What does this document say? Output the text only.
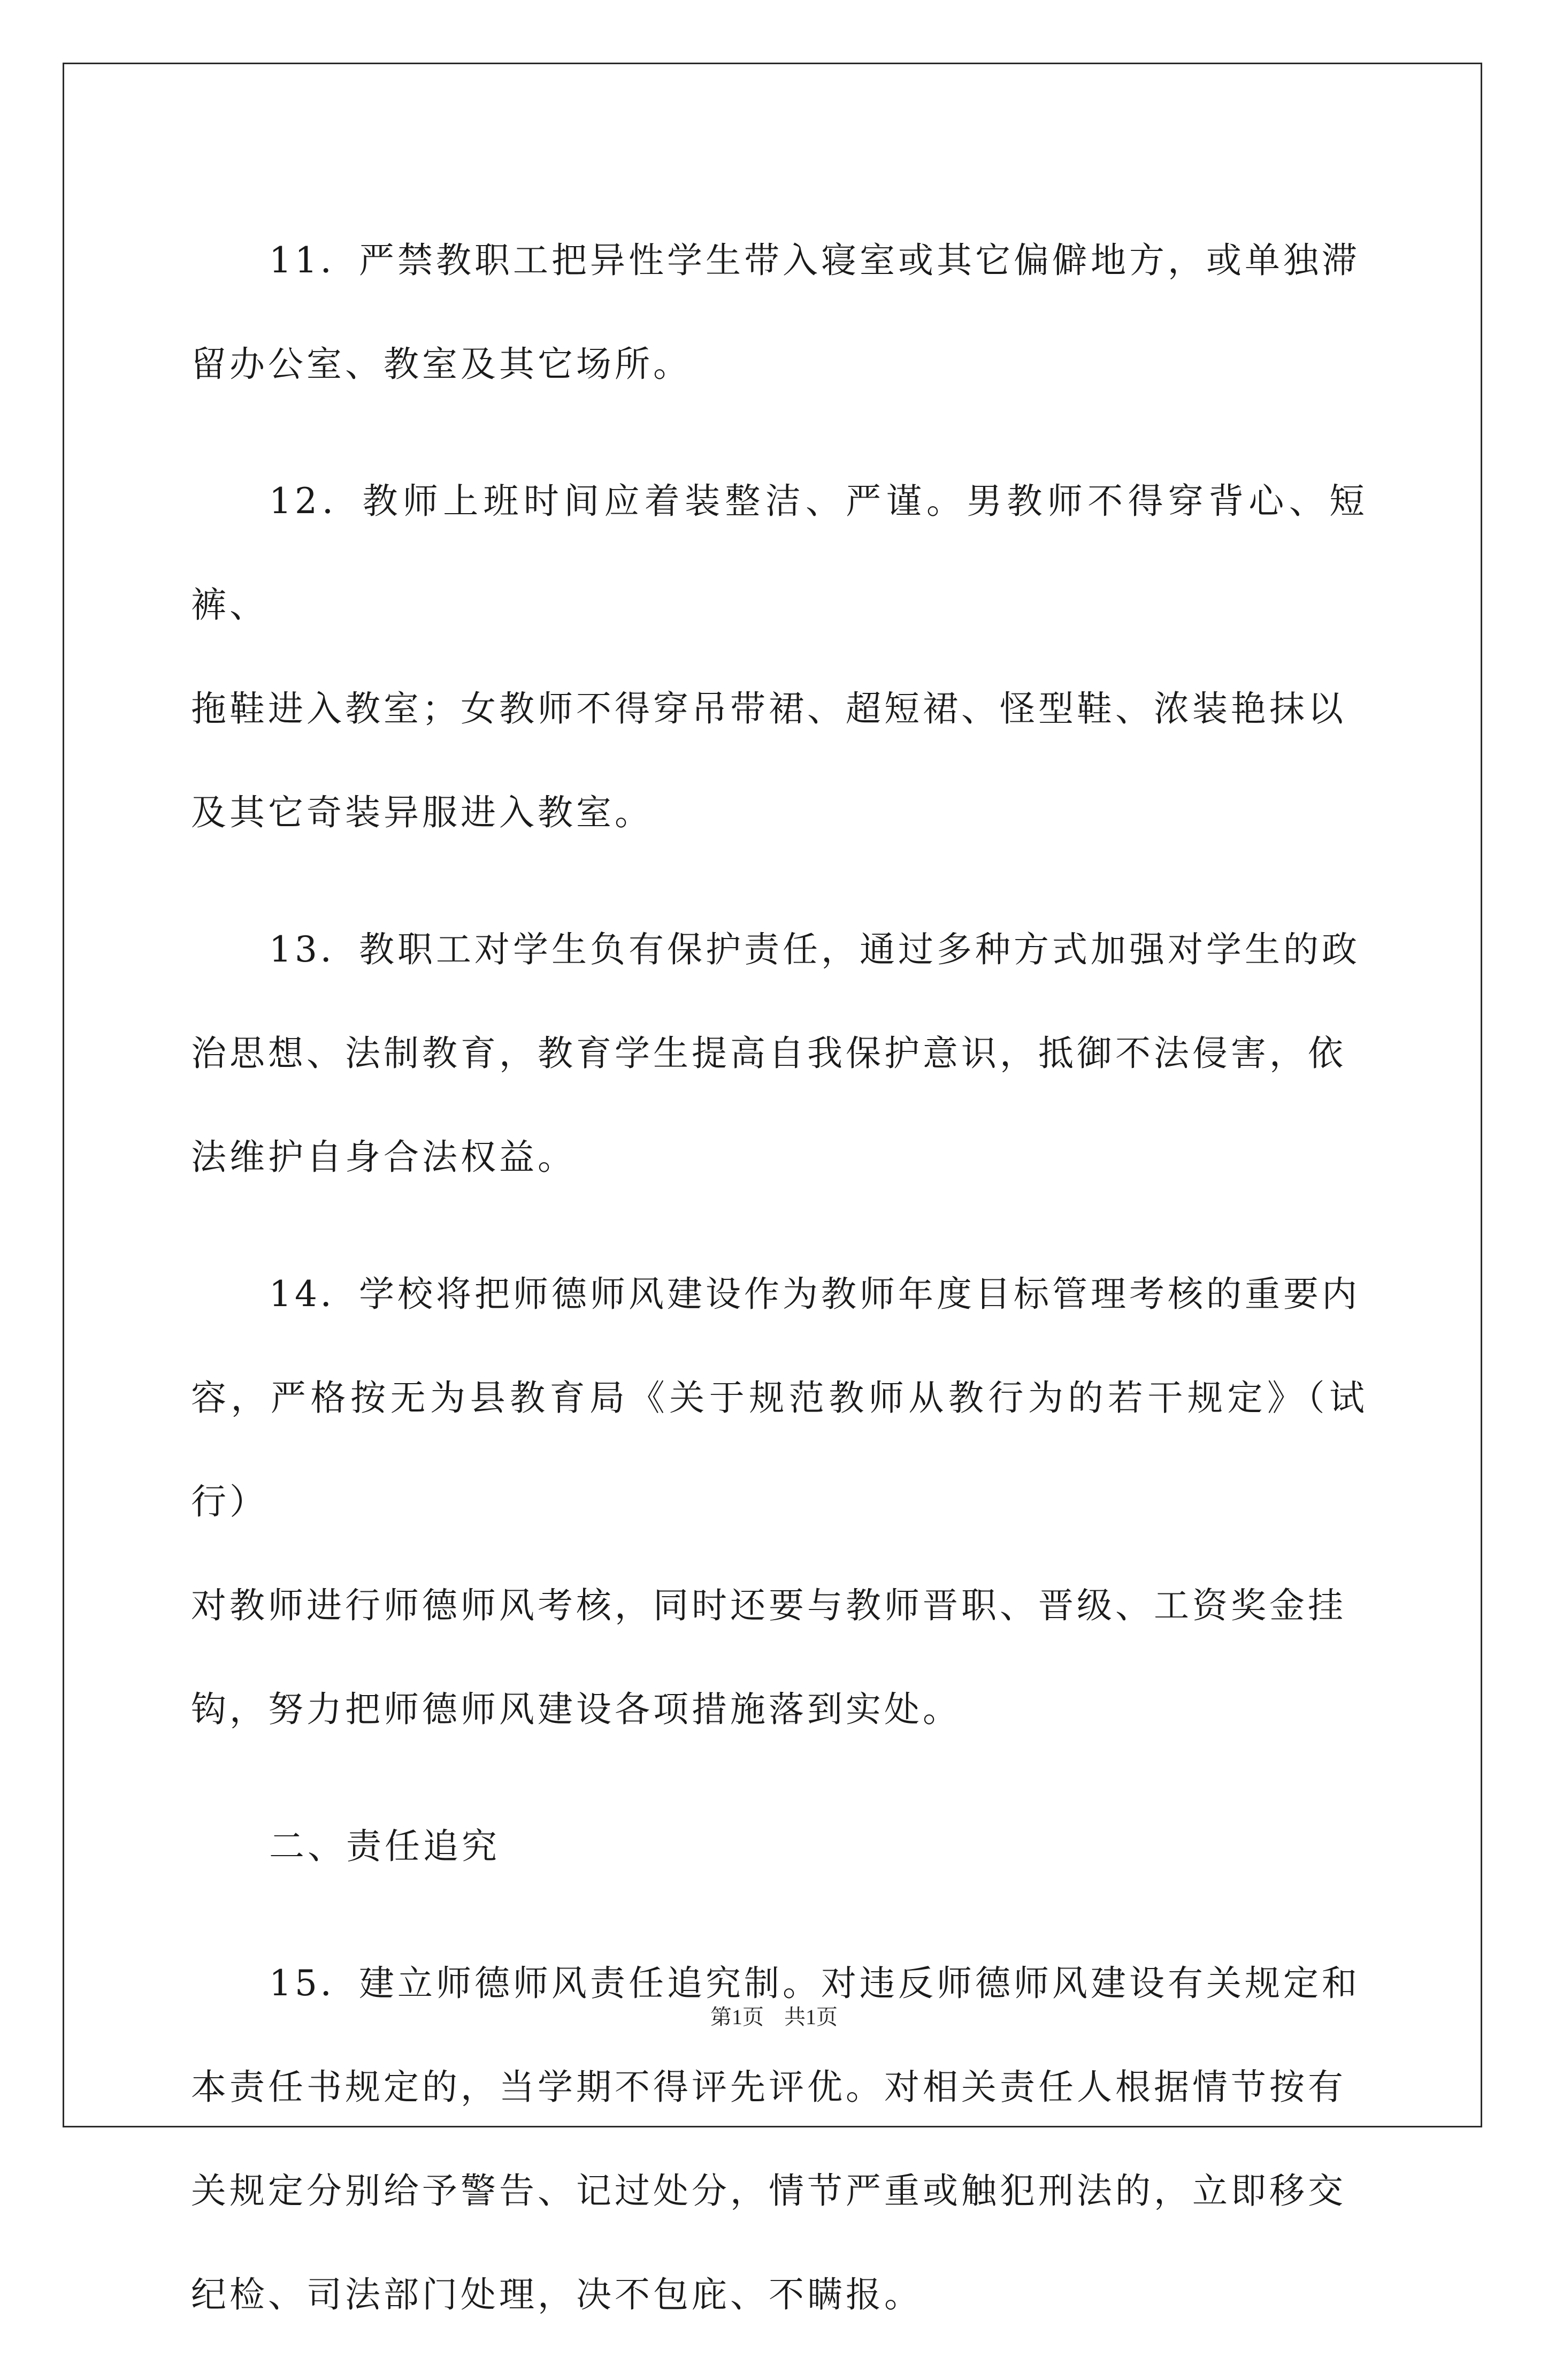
11．严禁教职工把异性学生带入寝室或其它偏僻地方，或单独滞
留办公室、教室及其它场所。

12．教师上班时间应着装整洁、严谨。男教师不得穿背心、短裤、
拖鞋进入教室；女教师不得穿吊带裙、超短裙、怪型鞋、浓装艳抹以
及其它奇装异服进入教室。

13．教职工对学生负有保护责任，通过多种方式加强对学生的政
治思想、法制教育，教育学生提高自我保护意识，抵御不法侵害，依
法维护自身合法权益。

14．学校将把师德师风建设作为教师年度目标管理考核的重要内
容，严格按无为县教育局《关于规范教师从教行为的若干规定》（试行）
对教师进行师德师风考核，同时还要与教师晋职、晋级、工资奖金挂
钩，努力把师德师风建设各项措施落到实处。

二、责任追究

15．建立师德师风责任追究制。对违反师德师风建设有关规定和
本责任书规定的，当学期不得评先评优。对相关责任人根据情节按有
关规定分别给予警告、记过处分，情节严重或触犯刑法的，立即移交
纪检、司法部门处理，决不包庇、不瞒报。

第1页 共1页
